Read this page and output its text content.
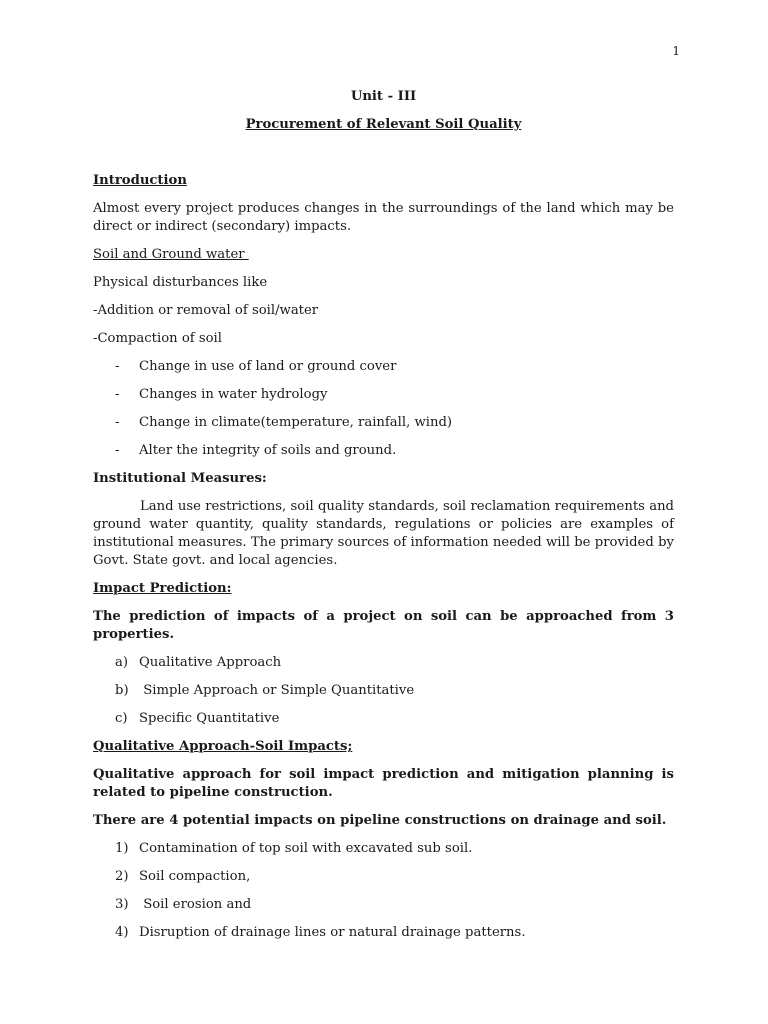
1

Unit - III

Procurement of Relevant Soil Quality

Introduction

Almost every project produces changes in the surroundings of the land which may be direct or indirect (secondary) impacts.

Soil and Ground water

Physical disturbances like

-Addition or removal of soil/water

-Compaction of soil

-	Change in use of land or ground cover
-	Changes in water hydrology
-	Change in climate(temperature, rainfall, wind)
-	Alter the integrity of soils and ground.

Institutional Measures:

Land use restrictions, soil quality standards, soil reclamation requirements and ground water quantity, quality standards, regulations or policies are examples of institutional measures. The primary sources of information needed will be provided by Govt. State govt. and local agencies.

Impact Prediction:

The prediction of impacts of a project on soil can be approached from 3 properties.

a) Qualitative Approach
b) Simple Approach or Simple Quantitative
c) Specific Quantitative

Qualitative Approach-Soil Impacts;

Qualitative approach for soil impact prediction and mitigation planning is related to pipeline construction.

There are 4 potential impacts on pipeline constructions on drainage and soil.

1) Contamination of top soil with excavated sub soil.
2) Soil compaction,
3) Soil erosion and
4) Disruption of drainage lines or natural drainage patterns.
